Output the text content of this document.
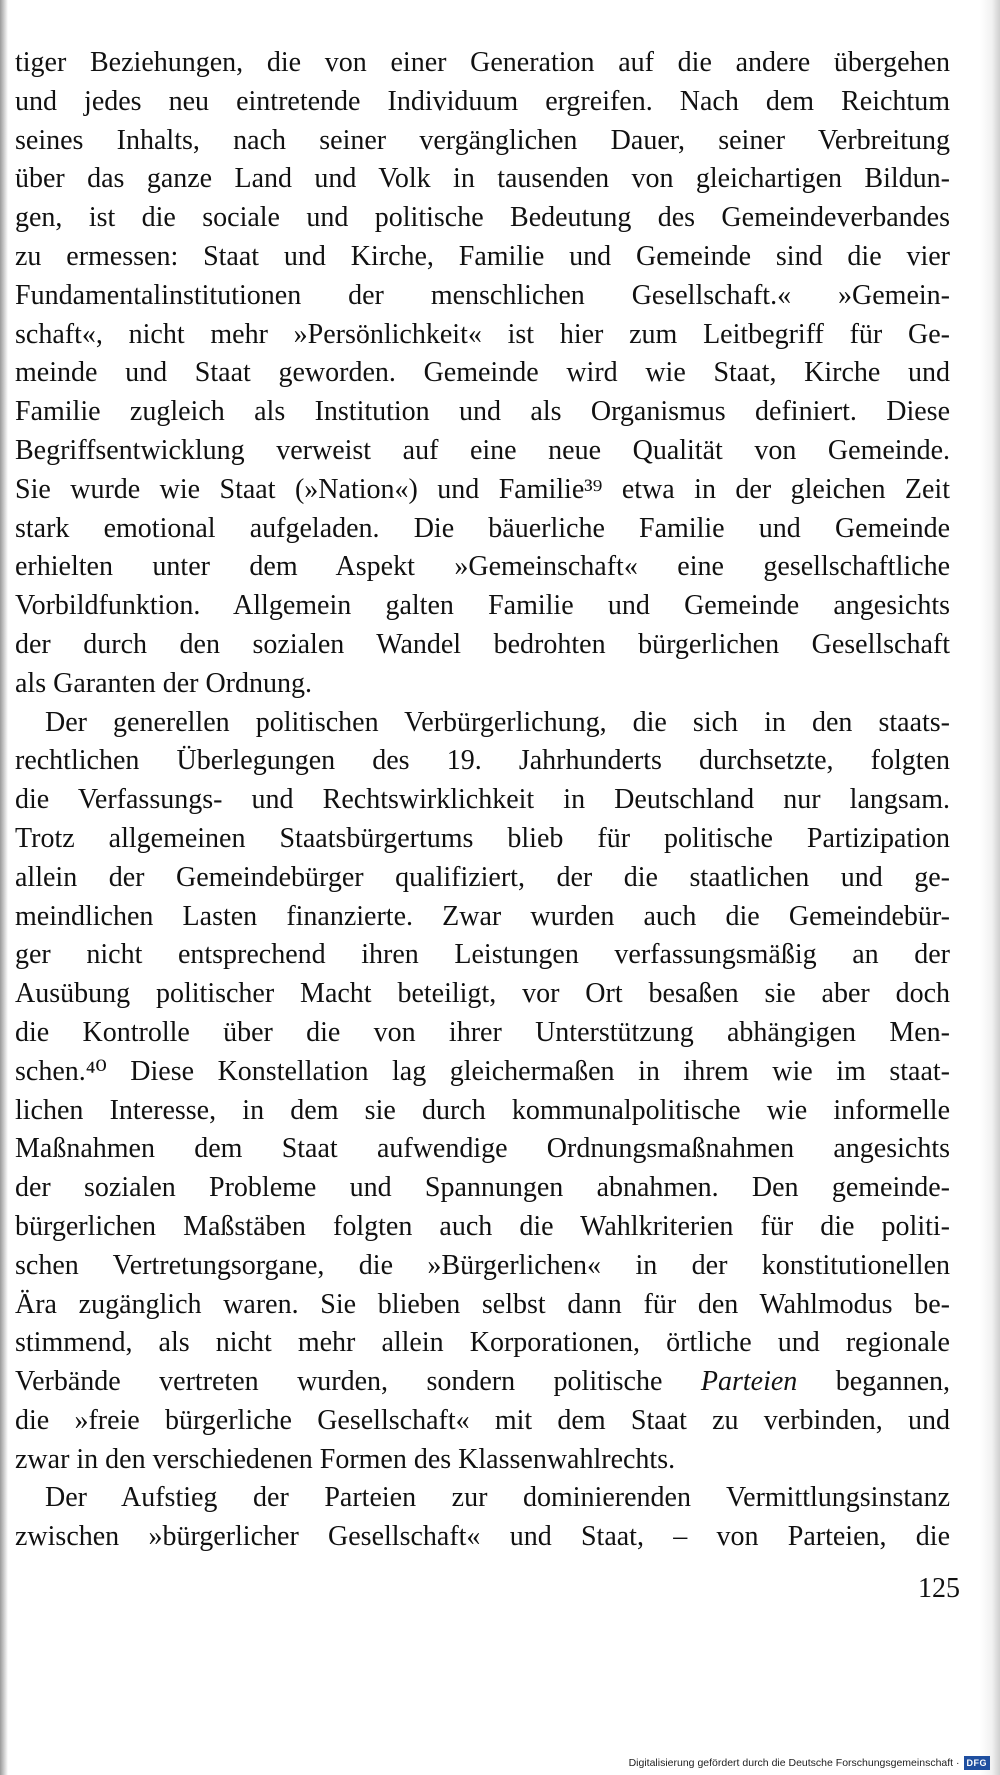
tiger Beziehungen, die von einer Generation auf die andere übergehen
und jedes neu eintretende Individuum ergreifen. Nach dem Reichtum
seines Inhalts, nach seiner vergänglichen Dauer, seiner Verbreitung
über das ganze Land und Volk in tausenden von gleichartigen Bildun-
gen, ist die sociale und politische Bedeutung des Gemeindeverbandes
zu ermessen: Staat und Kirche, Familie und Gemeinde sind die vier
Fundamentalinstitutionen der menschlichen Gesellschaft.« »Gemein-
schaft«, nicht mehr »Persönlichkeit« ist hier zum Leitbegriff für Ge-
meinde und Staat geworden. Gemeinde wird wie Staat, Kirche und
Familie zugleich als Institution und als Organismus definiert. Diese
Begriffsentwicklung verweist auf eine neue Qualität von Gemeinde.
Sie wurde wie Staat (»Nation«) und Familie³⁹ etwa in der gleichen Zeit
stark emotional aufgeladen. Die bäuerliche Familie und Gemeinde
erhielten unter dem Aspekt »Gemeinschaft« eine gesellschaftliche
Vorbildfunktion. Allgemein galten Familie und Gemeinde angesichts
der durch den sozialen Wandel bedrohten bürgerlichen Gesellschaft
als Garanten der Ordnung.
Der generellen politischen Verbürgerlichung, die sich in den staats-
rechtlichen Überlegungen des 19. Jahrhunderts durchsetzte, folgten
die Verfassungs- und Rechtswirklichkeit in Deutschland nur langsam.
Trotz allgemeinen Staatsbürgertums blieb für politische Partizipation
allein der Gemeindebürger qualifiziert, der die staatlichen und ge-
meindlichen Lasten finanzierte. Zwar wurden auch die Gemeindebür-
ger nicht entsprechend ihren Leistungen verfassungsmäßig an der
Ausübung politischer Macht beteiligt, vor Ort besaßen sie aber doch
die Kontrolle über die von ihrer Unterstützung abhängigen Men-
schen.⁴⁰ Diese Konstellation lag gleichermaßen in ihrem wie im staat-
lichen Interesse, in dem sie durch kommunalpolitische wie informelle
Maßnahmen dem Staat aufwendige Ordnungsmaßnahmen angesichts
der sozialen Probleme und Spannungen abnahmen. Den gemeinde-
bürgerlichen Maßstäben folgten auch die Wahlkriterien für die politi-
schen Vertretungsorgane, die »Bürgerlichen« in der konstitutionellen
Ära zugänglich waren. Sie blieben selbst dann für den Wahlmodus be-
stimmend, als nicht mehr allein Korporationen, örtliche und regionale
Verbände vertreten wurden, sondern politische Parteien begannen,
die »freie bürgerliche Gesellschaft« mit dem Staat zu verbinden, und
zwar in den verschiedenen Formen des Klassenwahlrechts.
Der Aufstieg der Parteien zur dominierenden Vermittlungsinstanz
zwischen »bürgerlicher Gesellschaft« und Staat, – von Parteien, die
125
Digitalisierung gefördert durch die Deutsche Forschungsgemeinschaft · DFG
